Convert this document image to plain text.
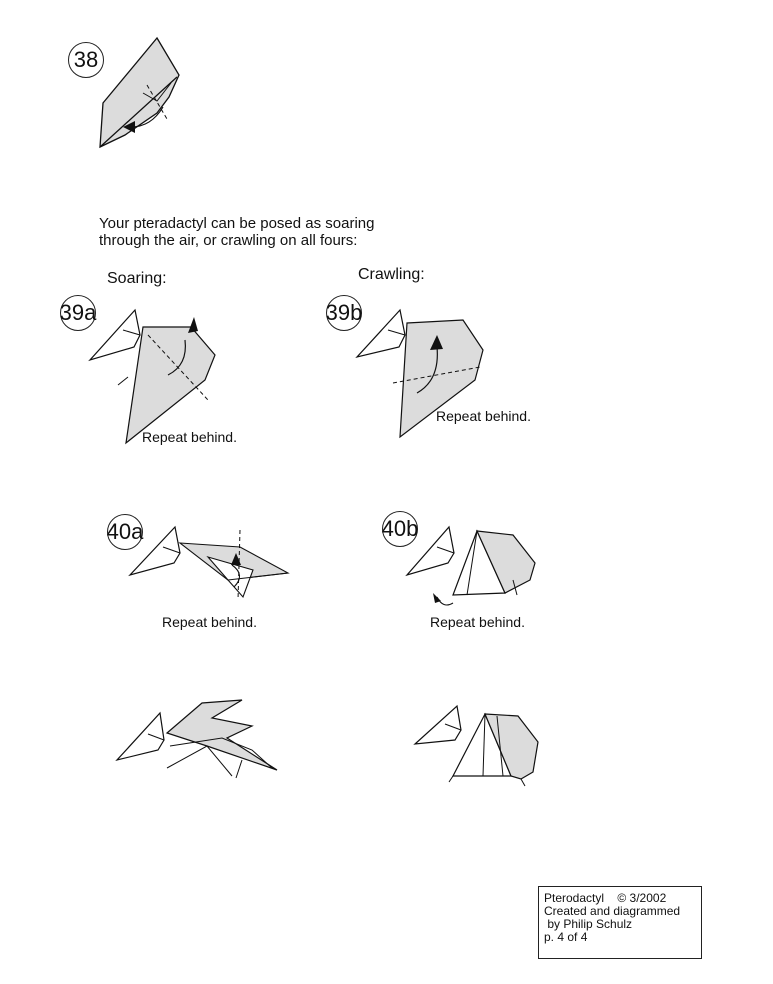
38
Your pteradactyl can be posed as soaring
through the air, or crawling on all fours:
Soaring:	Crawling:
39a
Repeat behind.
39b
Repeat behind.
40a
Repeat behind.
40b
Repeat behind.
Pterodactyl © 3/2002
Created and diagrammed
by Philip Schulz
p. 4 of 4
